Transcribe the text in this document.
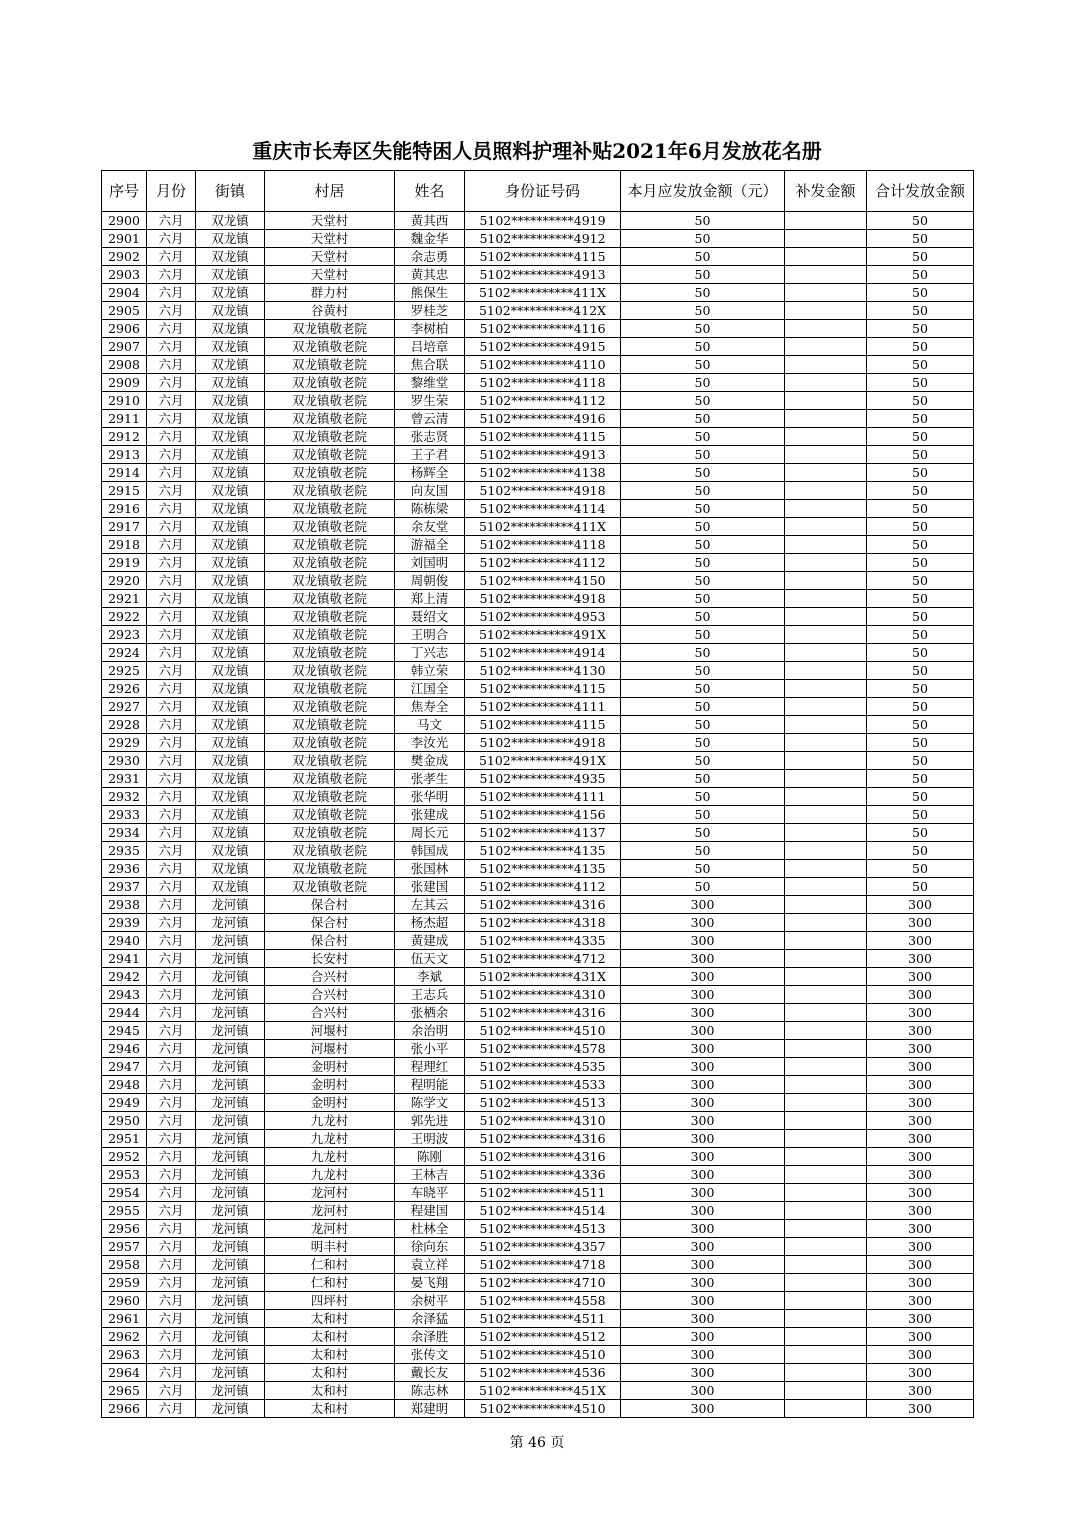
重庆市长寿区失能特困人员照料护理补贴2021年6月发放花名册
序号	月份	街镇	村居	姓名	身份证号码	本月应发放金额（元）	补发金额	合计发放金额
2900	六月	双龙镇	天堂村	黄其西	5102**********4919	50		50
2901	六月	双龙镇	天堂村	魏金华	5102**********4912	50		50
2902	六月	双龙镇	天堂村	余志勇	5102**********4115	50		50
2903	六月	双龙镇	天堂村	黄其忠	5102**********4913	50		50
2904	六月	双龙镇	群力村	熊保生	5102**********411X	50		50
2905	六月	双龙镇	谷黄村	罗桂芝	5102**********412X	50		50
2906	六月	双龙镇	双龙镇敬老院	李树柏	5102**********4116	50		50
2907	六月	双龙镇	双龙镇敬老院	吕培章	5102**********4915	50		50
2908	六月	双龙镇	双龙镇敬老院	焦合联	5102**********4110	50		50
2909	六月	双龙镇	双龙镇敬老院	黎维堂	5102**********4118	50		50
2910	六月	双龙镇	双龙镇敬老院	罗生荣	5102**********4112	50		50
2911	六月	双龙镇	双龙镇敬老院	曾云清	5102**********4916	50		50
2912	六月	双龙镇	双龙镇敬老院	张志贤	5102**********4115	50		50
2913	六月	双龙镇	双龙镇敬老院	王子君	5102**********4913	50		50
2914	六月	双龙镇	双龙镇敬老院	杨辉全	5102**********4138	50		50
2915	六月	双龙镇	双龙镇敬老院	向友国	5102**********4918	50		50
2916	六月	双龙镇	双龙镇敬老院	陈栋梁	5102**********4114	50		50
2917	六月	双龙镇	双龙镇敬老院	余友堂	5102**********411X	50		50
2918	六月	双龙镇	双龙镇敬老院	游福全	5102**********4118	50		50
2919	六月	双龙镇	双龙镇敬老院	刘国明	5102**********4112	50		50
2920	六月	双龙镇	双龙镇敬老院	周朝俊	5102**********4150	50		50
2921	六月	双龙镇	双龙镇敬老院	郑上清	5102**********4918	50		50
2922	六月	双龙镇	双龙镇敬老院	聂绍文	5102**********4953	50		50
2923	六月	双龙镇	双龙镇敬老院	王明合	5102**********491X	50		50
2924	六月	双龙镇	双龙镇敬老院	丁兴志	5102**********4914	50		50
2925	六月	双龙镇	双龙镇敬老院	韩立荣	5102**********4130	50		50
2926	六月	双龙镇	双龙镇敬老院	江国全	5102**********4115	50		50
2927	六月	双龙镇	双龙镇敬老院	焦寿全	5102**********4111	50		50
2928	六月	双龙镇	双龙镇敬老院	马文	5102**********4115	50		50
2929	六月	双龙镇	双龙镇敬老院	李汝光	5102**********4918	50		50
2930	六月	双龙镇	双龙镇敬老院	樊金成	5102**********491X	50		50
2931	六月	双龙镇	双龙镇敬老院	张孝生	5102**********4935	50		50
2932	六月	双龙镇	双龙镇敬老院	张华明	5102**********4111	50		50
2933	六月	双龙镇	双龙镇敬老院	张建成	5102**********4156	50		50
2934	六月	双龙镇	双龙镇敬老院	周长元	5102**********4137	50		50
2935	六月	双龙镇	双龙镇敬老院	韩国成	5102**********4135	50		50
2936	六月	双龙镇	双龙镇敬老院	张国林	5102**********4135	50		50
2937	六月	双龙镇	双龙镇敬老院	张建国	5102**********4112	50		50
2938	六月	龙河镇	保合村	左其云	5102**********4316	300		300
2939	六月	龙河镇	保合村	杨杰超	5102**********4318	300		300
2940	六月	龙河镇	保合村	黄建成	5102**********4335	300		300
2941	六月	龙河镇	长安村	伍天文	5102**********4712	300		300
2942	六月	龙河镇	合兴村	李斌	5102**********431X	300		300
2943	六月	龙河镇	合兴村	王志兵	5102**********4310	300		300
2944	六月	龙河镇	合兴村	张栖余	5102**********4316	300		300
2945	六月	龙河镇	河堰村	余治明	5102**********4510	300		300
2946	六月	龙河镇	河堰村	张小平	5102**********4578	300		300
2947	六月	龙河镇	金明村	程理红	5102**********4535	300		300
2948	六月	龙河镇	金明村	程明能	5102**********4533	300		300
2949	六月	龙河镇	金明村	陈学文	5102**********4513	300		300
2950	六月	龙河镇	九龙村	郭先进	5102**********4310	300		300
2951	六月	龙河镇	九龙村	王明波	5102**********4316	300		300
2952	六月	龙河镇	九龙村	陈刚	5102**********4316	300		300
2953	六月	龙河镇	九龙村	王林吉	5102**********4336	300		300
2954	六月	龙河镇	龙河村	车晓平	5102**********4511	300		300
2955	六月	龙河镇	龙河村	程建国	5102**********4514	300		300
2956	六月	龙河镇	龙河村	杜林全	5102**********4513	300		300
2957	六月	龙河镇	明丰村	徐向东	5102**********4357	300		300
2958	六月	龙河镇	仁和村	袁立祥	5102**********4718	300		300
2959	六月	龙河镇	仁和村	晏飞翔	5102**********4710	300		300
2960	六月	龙河镇	四坪村	余树平	5102**********4558	300		300
2961	六月	龙河镇	太和村	余泽猛	5102**********4511	300		300
2962	六月	龙河镇	太和村	余泽胜	5102**********4512	300		300
2963	六月	龙河镇	太和村	张传文	5102**********4510	300		300
2964	六月	龙河镇	太和村	戴长友	5102**********4536	300		300
2965	六月	龙河镇	太和村	陈志林	5102**********451X	300		300
2966	六月	龙河镇	太和村	郑建明	5102**********4510	300		300
第 46 页
